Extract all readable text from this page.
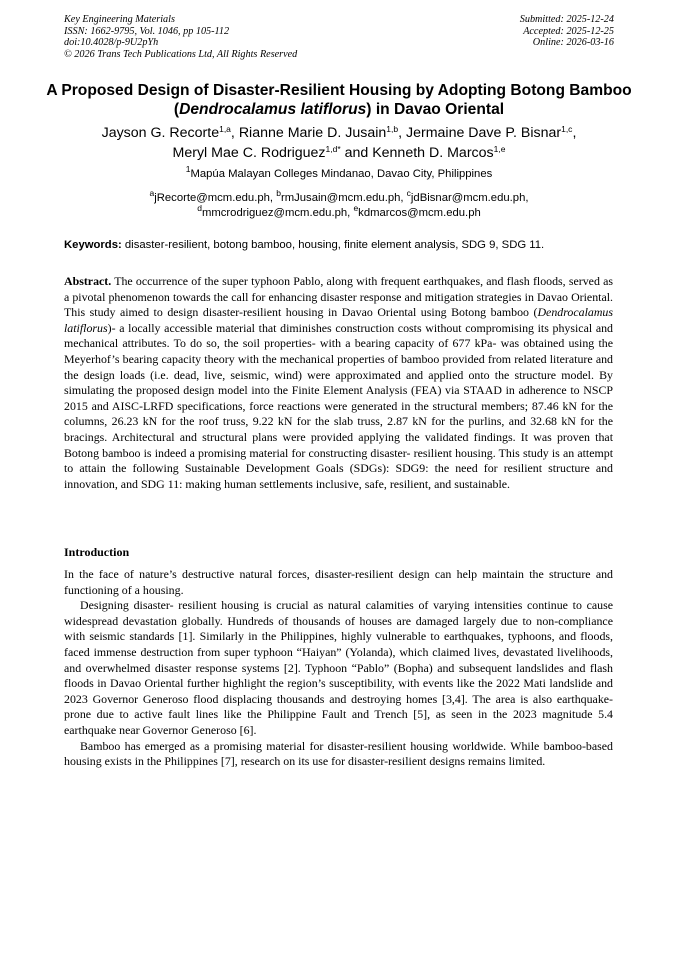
Key Engineering Materials
ISSN: 1662-9795, Vol. 1046, pp 105-112
doi:10.4028/p-9U2pYh
© 2026 Trans Tech Publications Ltd, All Rights Reserved
Submitted: 2025-12-24
Accepted: 2025-12-25
Online: 2026-03-16
A Proposed Design of Disaster-Resilient Housing by Adopting Botong Bamboo (Dendrocalamus latiflorus) in Davao Oriental
Jayson G. Recorte$^{1,a}$, Rianne Marie D. Jusain$^{1,b}$, Jermaine Dave P. Bisnar$^{1,c}$,
Meryl Mae C. Rodriguez$^{1,d*}$ and Kenneth D. Marcos$^{1,e}$
$^1$Mapúa Malayan Colleges Mindanao, Davao City, Philippines
$^a$jRecorte@mcm.edu.ph, $^b$rmJusain@mcm.edu.ph, $^c$jdBisnar@mcm.edu.ph,
$^d$mmcrodriguez@mcm.edu.ph, $^e$kdmarcos@mcm.edu.ph
Keywords: disaster-resilient, botong bamboo, housing, finite element analysis, SDG 9, SDG 11.
Abstract. The occurrence of the super typhoon Pablo, along with frequent earthquakes, and flash floods, served as a pivotal phenomenon towards the call for enhancing disaster response and mitigation strategies in Davao Oriental. This study aimed to design disaster-resilient housing in Davao Oriental using Botong bamboo (Dendrocalamus latiflorus)- a locally accessible material that diminishes construction costs without compromising its physical and mechanical attributes. To do so, the soil properties- with a bearing capacity of 677 kPa- was obtained using the Meyerhof’s bearing capacity theory with the mechanical properties of bamboo provided from related literature and the design loads (i.e. dead, live, seismic, wind) were approximated and applied onto the structure model. By simulating the proposed design model into the Finite Element Analysis (FEA) via STAAD in adherence to NSCP 2015 and AISC-LRFD specifications, force reactions were generated in the structural members; 87.46 kN for the columns, 26.23 kN for the roof truss, 9.22 kN for the slab truss, 2.87 kN for the purlins, and 32.68 kN for the bracings. Architectural and structural plans were provided applying the validated findings. It was proven that Botong bamboo is indeed a promising material for constructing disaster- resilient housing. This study is an attempt to attain the following Sustainable Development Goals (SDGs): SDG9: the need for resilient structure and innovation, and SDG 11: making human settlements inclusive, safe, resilient, and sustainable.
Introduction

In the face of nature’s destructive natural forces, disaster-resilient design can help maintain the structure and functioning of a housing.

Designing disaster- resilient housing is crucial as natural calamities of varying intensities continue to cause widespread devastation globally. Hundreds of thousands of houses are damaged largely due to non-compliance with seismic standards [1]. Similarly in the Philippines, highly vulnerable to earthquakes, typhoons, and floods, faced immense destruction from super typhoon “Haiyan” (Yolanda), which claimed lives, devastated livelihoods, and overwhelmed disaster response systems [2]. Typhoon “Pablo” (Bopha) and subsequent landslides and flash floods in Davao Oriental further highlight the region’s susceptibility, with events like the 2022 Mati landslide and 2023 Governor Generoso flood displacing thousands and destroying homes [3,4]. The area is also earthquake-prone due to active fault lines like the Philippine Fault and Trench [5], as seen in the 2023 magnitude 5.4 earthquake near Governor Generoso [6].

Bamboo has emerged as a promising material for disaster-resilient housing worldwide. While bamboo-based housing exists in the Philippines [7], research on its use for disaster-resilient designs remains limited.
